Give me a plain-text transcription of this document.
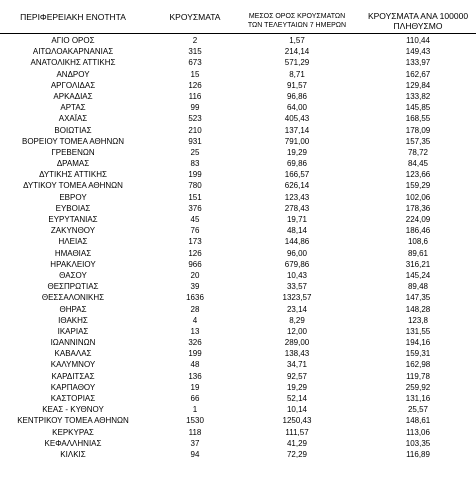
ΠΕΡΙΦΕΡΕΙΑΚΗ ΕΝΟΤΗΤΑ	ΚΡΟΥΣΜΑΤΑ	ΜΕΣΟΣ ΟΡΟΣ ΚΡΟΥΣΜΑΤΩΝ
ΤΩΝ ΤΕΛΕΥΤΑΙΩΝ 7 ΗΜΕΡΩΝ
ΚΡΟΥΣΜΑΤΑ ΑΝΑ 100000
ΠΛΗΘΥΣΜΟ
ΑΓΙΟ ΟΡΟΣ	2	1,57	110,44
ΑΙΤΩΛΟΑΚΑΡΝΑΝΙΑΣ	315	214,14	149,43
ΑΝΑΤΟΛΙΚΗΣ ΑΤΤΙΚΗΣ	673	571,29	133,97
ΑΝΔΡΟΥ	15	8,71	162,67
ΑΡΓΟΛΙΔΑΣ	126	91,57	129,84
ΑΡΚΑΔΙΑΣ	116	96,86	133,82
ΑΡΤΑΣ	99	64,00	145,85
ΑΧΑΪΑΣ	523	405,43	168,55
ΒΟΙΩΤΙΑΣ	210	137,14	178,09
ΒΟΡΕΙΟΥ ΤΟΜΕΑ ΑΘΗΝΩΝ	931	791,00	157,35
ΓΡΕΒΕΝΩΝ	25	19,29	78,72
ΔΡΑΜΑΣ	83	69,86	84,45
ΔΥΤΙΚΗΣ ΑΤΤΙΚΗΣ	199	166,57	123,66
ΔΥΤΙΚΟΥ ΤΟΜΕΑ ΑΘΗΝΩΝ	780	626,14	159,29
ΕΒΡΟΥ	151	123,43	102,06
ΕΥΒΟΙΑΣ	376	278,43	178,36
ΕΥΡΥΤΑΝΙΑΣ	45	19,71	224,09
ΖΑΚΥΝΘΟΥ	76	48,14	186,46
ΗΛΕΙΑΣ	173	144,86	108,6
ΗΜΑΘΙΑΣ	126	96,00	89,61
ΗΡΑΚΛΕΙΟΥ	966	679,86	316,21
ΘΑΣΟΥ	20	10,43	145,24
ΘΕΣΠΡΩΤΙΑΣ	39	33,57	89,48
ΘΕΣΣΑΛΟΝΙΚΗΣ	1636	1323,57	147,35
ΘΗΡΑΣ	28	23,14	148,28
ΙΘΑΚΗΣ	4	8,29	123,8
ΙΚΑΡΙΑΣ	13	12,00	131,55
ΙΩΑΝΝΙΝΩΝ	326	289,00	194,16
ΚΑΒΑΛΑΣ	199	138,43	159,31
ΚΑΛΥΜΝΟΥ	48	34,71	162,98
ΚΑΡΔΙΤΣΑΣ	136	92,57	119,78
ΚΑΡΠΑΘΟΥ	19	19,29	259,92
ΚΑΣΤΟΡΙΑΣ	66	52,14	131,16
ΚΕΑΣ - ΚΥΘΝΟΥ	1	10,14	25,57
ΚΕΝΤΡΙΚΟΥ ΤΟΜΕΑ ΑΘΗΝΩΝ	1530	1250,43	148,61
ΚΕΡΚΥΡΑΣ	118	111,57	113,06
ΚΕΦΑΛΛΗΝΙΑΣ	37	41,29	103,35
ΚΙΛΚΙΣ	94	72,29	116,89
